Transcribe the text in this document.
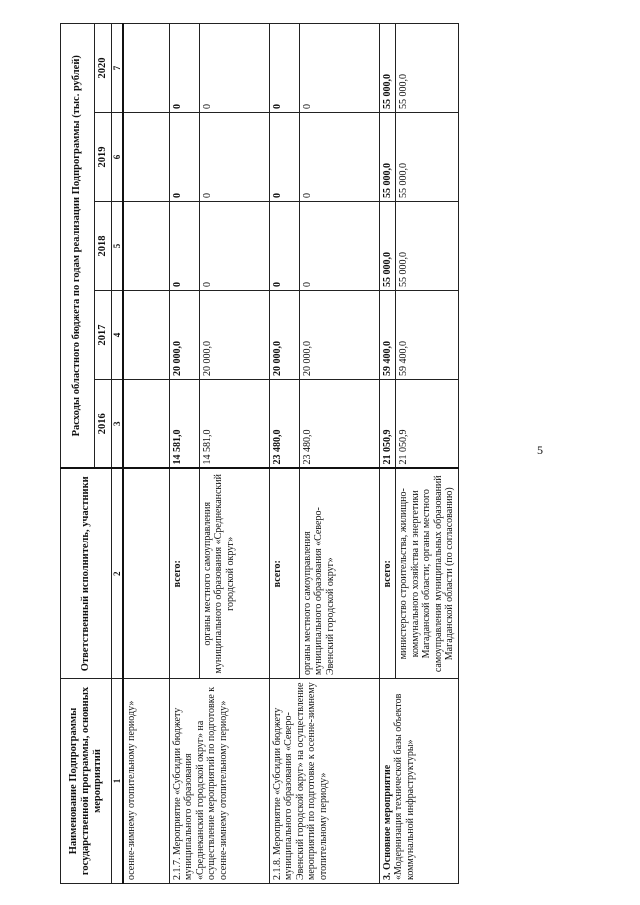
5
Наименование Подпрограммы государственной программы, основных мероприятий	Ответственный исполнитель, участники	Расходы областного бюджета по годам реализации Подпрограммы (тыс. рублей)				
		2016	2017	2018	2019	2020
1	2	3	4	5	6	7
осенне-зимнему отопительному периоду»						
2.1.7. Мероприятие «Субсидии бюджету муниципального образования «Среднеканский городской округ» на осуществление мероприятий по подготовке к осенне-зимнему отопительному периоду»	всего:	14 581,0	20 000,0	0	0	0
	органы местного самоуправления муниципального образования «Среднеканский городской округ»	14 581,0	20 000,0	0	0	0
2.1.8. Мероприятие «Субсидии бюджету муниципального образования «Северо-Эвенский городской округ» на осуществление мероприятий по подготовке к осенне-зимнему отопительному периоду»	всего:	23 480,0	20 000,0	0	0	0
	органы местного самоуправления муниципального образования «Северо-Эвенский городской округ»	23 480,0	20 000,0	0	0	0

3. Основное мероприятие «Модернизация технической базы объектов коммунальной инфраструктуры»	всего:	21 050,9	59 400,0	55 000,0	55 000,0	55 000,0
	министерство строительства, жилищно-коммунального хозяйства и энергетики Магаданской области; органы местного самоуправления муниципальных образований Магаданской области (по согласованию)	21 050,9	59 400,0	55 000,0	55 000,0	55 000,0
